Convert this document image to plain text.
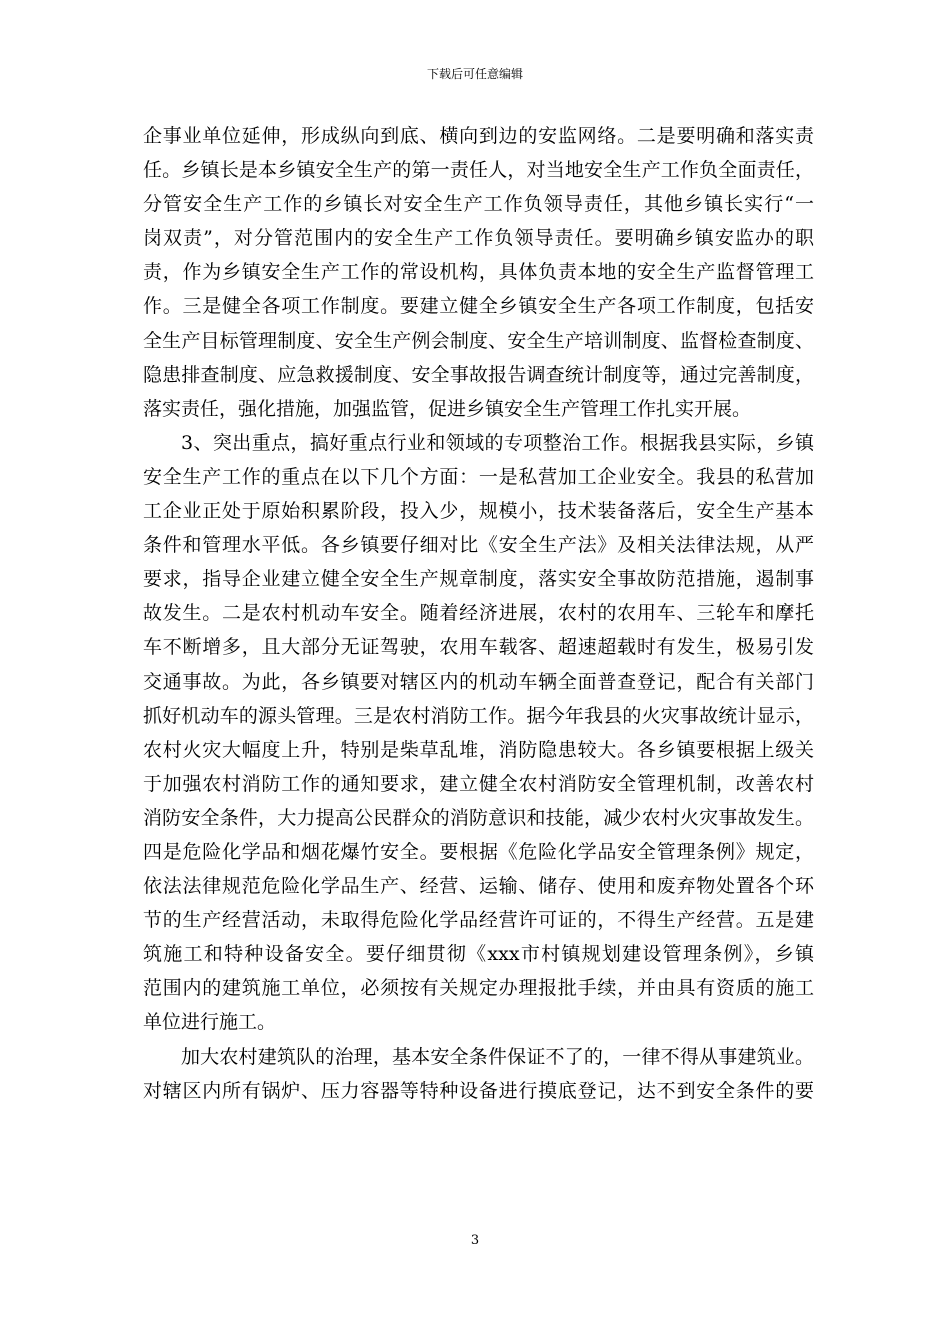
下载后可任意编辑
企事业单位延伸，形成纵向到底、横向到边的安监网络。二是要明确和落实责
任。乡镇长是本乡镇安全生产的第一责任人，对当地安全生产工作负全面责任，
分管安全生产工作的乡镇长对安全生产工作负领导责任，其他乡镇长实行“一
岗双责”，对分管范围内的安全生产工作负领导责任。要明确乡镇安监办的职
责，作为乡镇安全生产工作的常设机构，具体负责本地的安全生产监督管理工
作。三是健全各项工作制度。要建立健全乡镇安全生产各项工作制度，包括安
全生产目标管理制度、安全生产例会制度、安全生产培训制度、监督检查制度、
隐患排查制度、应急救援制度、安全事故报告调查统计制度等，通过完善制度，
落实责任，强化措施，加强监管，促进乡镇安全生产管理工作扎实开展。
3、突出重点，搞好重点行业和领域的专项整治工作。根据我县实际，乡镇
安全生产工作的重点在以下几个方面：一是私营加工企业安全。我县的私营加
工企业正处于原始积累阶段，投入少，规模小，技术装备落后，安全生产基本
条件和管理水平低。各乡镇要仔细对比《安全生产法》及相关法律法规，从严
要求，指导企业建立健全安全生产规章制度，落实安全事故防范措施，遏制事
故发生。二是农村机动车安全。随着经济进展，农村的农用车、三轮车和摩托
车不断增多，且大部分无证驾驶，农用车载客、超速超载时有发生，极易引发
交通事故。为此，各乡镇要对辖区内的机动车辆全面普查登记，配合有关部门
抓好机动车的源头管理。三是农村消防工作。据今年我县的火灾事故统计显示，
农村火灾大幅度上升，特别是柴草乱堆，消防隐患较大。各乡镇要根据上级关
于加强农村消防工作的通知要求，建立健全农村消防安全管理机制，改善农村
消防安全条件，大力提高公民群众的消防意识和技能，减少农村火灾事故发生。
四是危险化学品和烟花爆竹安全。要根据《危险化学品安全管理条例》规定，
依法法律规范危险化学品生产、经营、运输、储存、使用和废弃物处置各个环
节的生产经营活动，未取得危险化学品经营许可证的，不得生产经营。五是建
筑施工和特种设备安全。要仔细贯彻《xxx市村镇规划建设管理条例》，乡镇
范围内的建筑施工单位，必须按有关规定办理报批手续，并由具有资质的施工
单位进行施工。
加大农村建筑队的治理，基本安全条件保证不了的，一律不得从事建筑业。
对辖区内所有锅炉、压力容器等特种设备进行摸底登记，达不到安全条件的要
3
